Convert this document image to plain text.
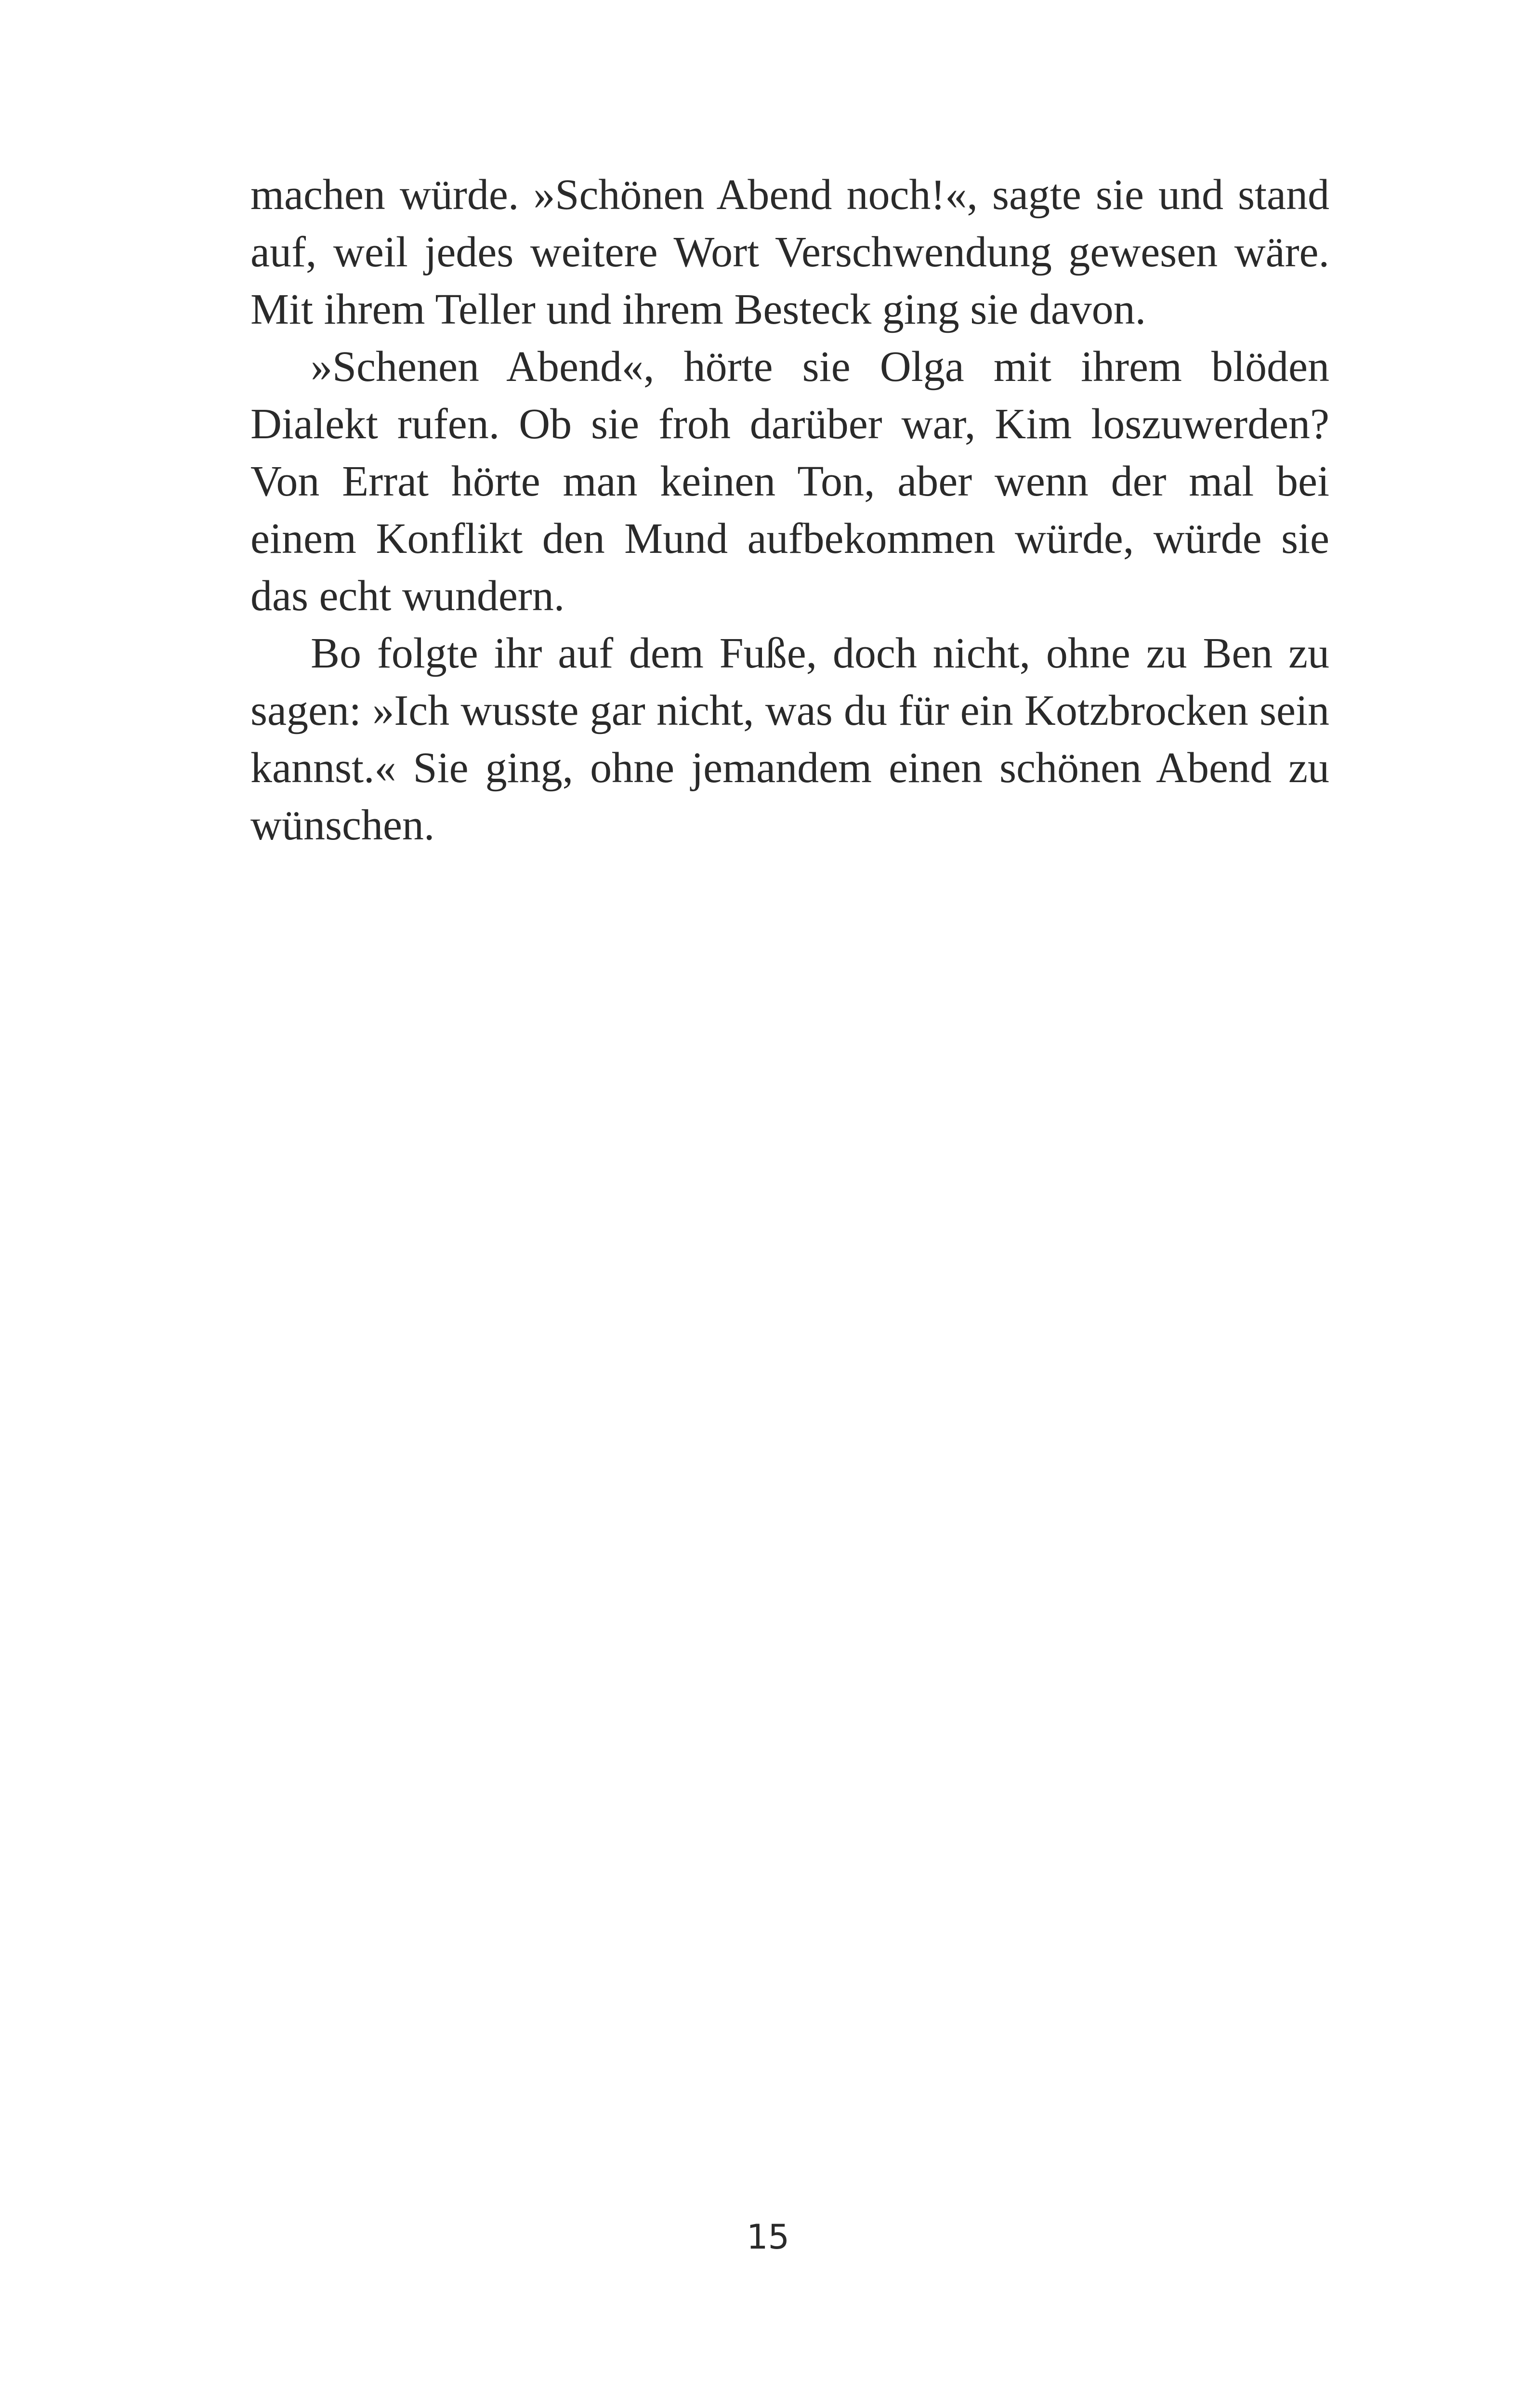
machen würde. »Schönen Abend noch!«, sagte sie und stand
auf, weil jedes weitere Wort Verschwendung gewesen wäre.
Mit ihrem Teller und ihrem Besteck ging sie davon.

»Schenen Abend«, hörte sie Olga mit ihrem blöden
Dialekt rufen. Ob sie froh darüber war, Kim loszuwerden?
Von Errat hörte man keinen Ton, aber wenn der mal bei
einem Konflikt den Mund aufbekommen würde, würde sie
das echt wundern.

Bo folgte ihr auf dem Fuße, doch nicht, ohne zu Ben zu
sagen: »Ich wusste gar nicht, was du für ein Kotzbrocken sein
kannst.« Sie ging, ohne jemandem einen schönen Abend zu
wünschen.

15
